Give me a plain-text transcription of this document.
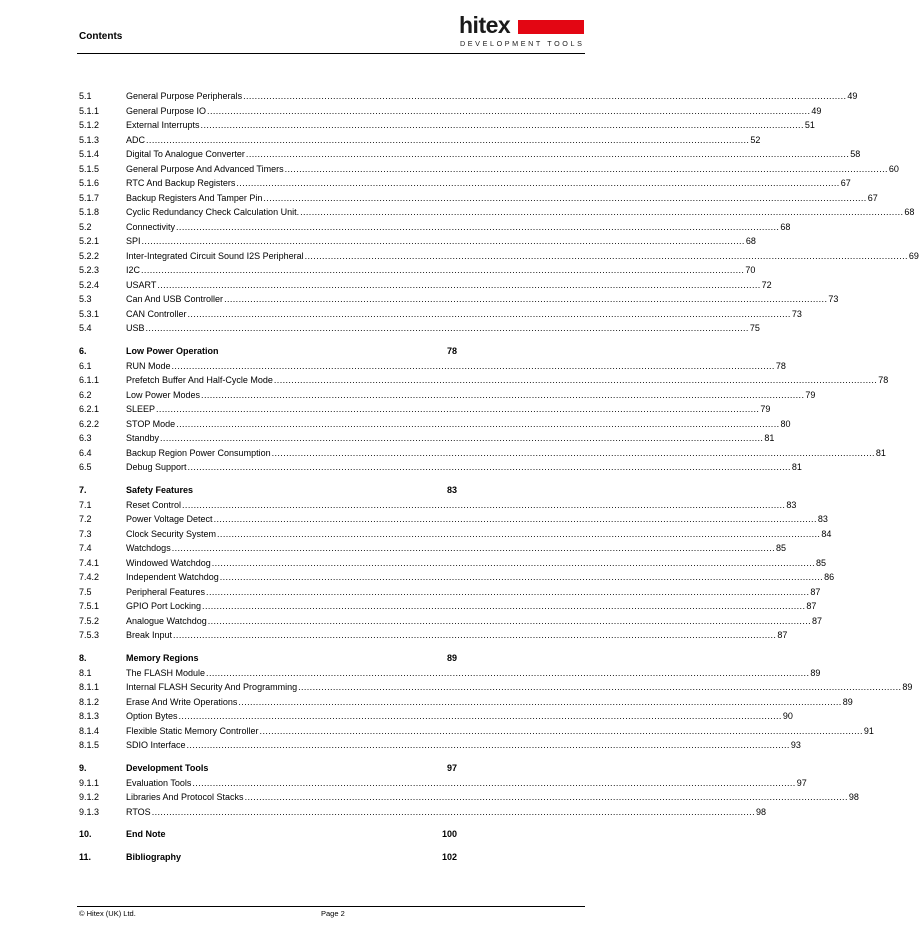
Contents	hitex
DEVELOPMENT TOOLS
5.1	General Purpose Peripherals .....	49
5.1.1	General Purpose IO .....	49
5.1.2	External Interrupts .....	51
5.1.3	ADC .....	52
5.1.4	Digital To Analogue Converter .....	58
5.1.5	General Purpose And Advanced Timers .....	60
5.1.6	RTC And Backup Registers .....	67
5.1.7	Backup Registers And Tamper Pin .....	67
5.1.8	Cyclic Redundancy Check Calculation Unit. .....	68
5.2	Connectivity .....	68
5.2.1	SPI .....	68
5.2.2	Inter-Integrated Circuit Sound I2S Peripheral .....	69
5.2.3	I2C .....	70
5.2.4	USART .....	72
5.3	Can And USB Controller .....	73
5.3.1	CAN Controller .....	73
5.4	USB .....	75
6.	Low Power Operation	78
6.1	RUN Mode .....	78
6.1.1	Prefetch Buffer And Half-Cycle Mode .....	78
6.2	Low Power Modes .....	79
6.2.1	SLEEP .....	79
6.2.2	STOP Mode .....	80
6.3	Standby .....	81
6.4	Backup Region Power Consumption .....	81
6.5	Debug Support .....	81
7.	Safety Features	83
7.1	Reset Control .....	83
7.2	Power Voltage Detect .....	83
7.3	Clock Security System .....	84
7.4	Watchdogs .....	85
7.4.1	Windowed Watchdog .....	85
7.4.2	Independent Watchdog .....	86
7.5	Peripheral Features .....	87
7.5.1	GPIO Port Locking .....	87
7.5.2	Analogue Watchdog .....	87
7.5.3	Break Input .....	87
8.	Memory Regions	89
8.1	The FLASH Module .....	89
8.1.1	Internal FLASH Security And Programming .....	89
8.1.2	Erase And Write Operations .....	89
8.1.3	Option Bytes .....	90
8.1.4	Flexible Static Memory Controller .....	91
8.1.5	SDIO Interface .....	93
9.	Development Tools	97
9.1.1	Evaluation Tools .....	97
9.1.2	Libraries And Protocol Stacks .....	98
9.1.3	RTOS .....	98
10.	End Note	100
11.	Bibliography	102
© Hitex (UK) Ltd.	Page 2
